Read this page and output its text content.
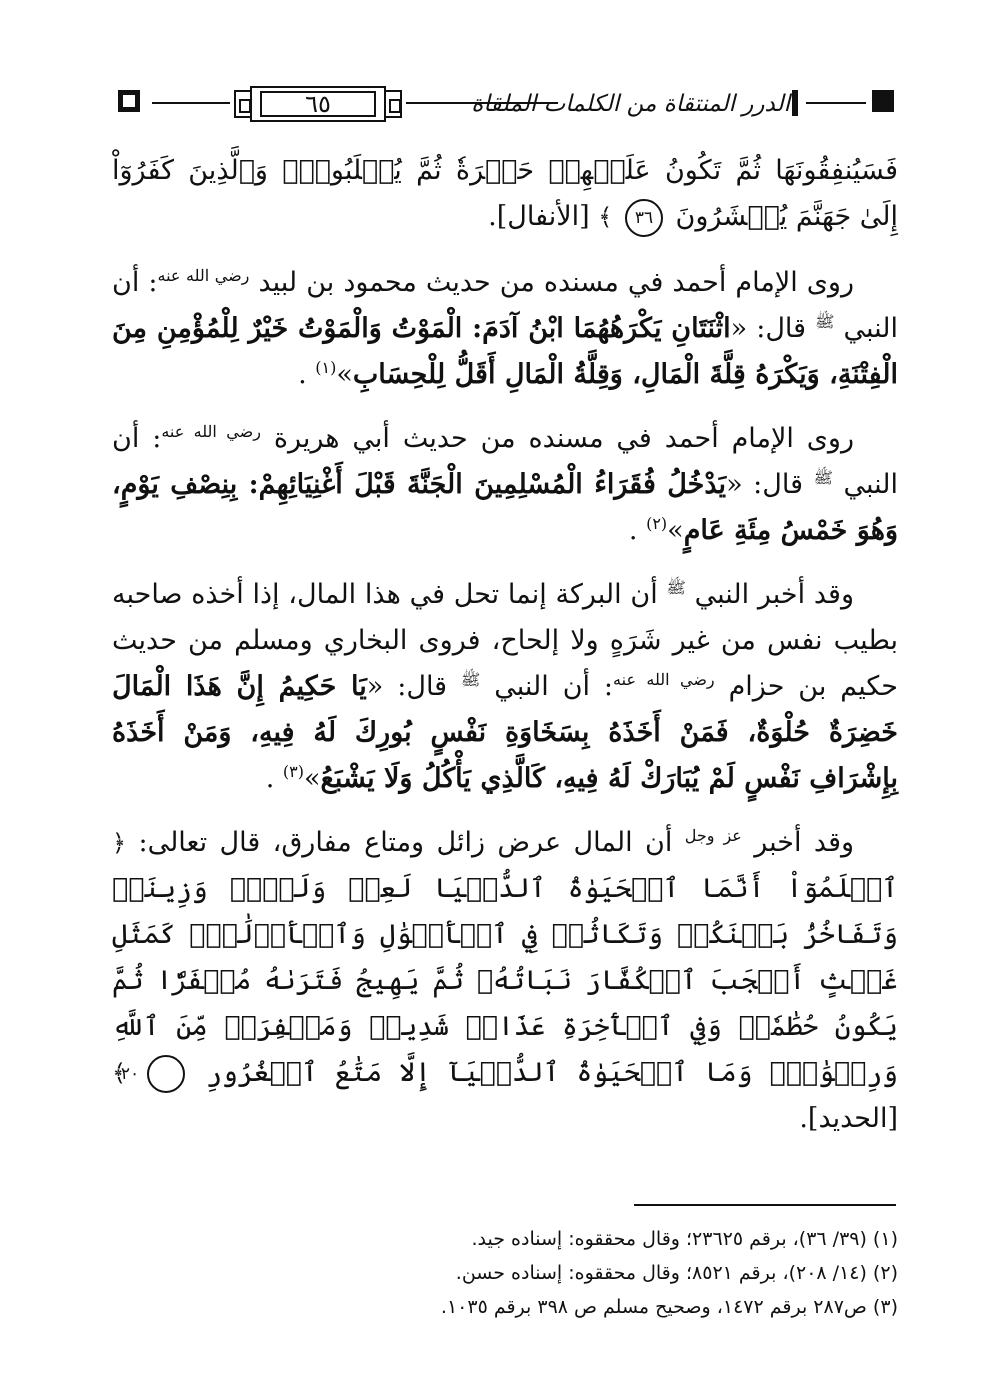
٦٥	الدرر المنتقاة من الكلمات الملقاة

فَسَيُنفِقُونَهَا ثُمَّ تَكُونُ عَلَيۡهِمۡ حَسۡرَةٗ ثُمَّ يُغۡلَبُونَۗ وَٱلَّذِينَ كَفَرُوٓاْ إِلَىٰ جَهَنَّمَ يُحۡشَرُونَ ٣٦ ﴾ [الأنفال].

روى الإمام أحمد في مسنده من حديث محمود بن لبيد $^{رضي الله عنه}$: أن النبي $^ﷺ$ قال: «اثْنَتَانِ يَكْرَهُهُمَا ابْنُ آدَمَ: الْمَوْتُ وَالْمَوْتُ خَيْرٌ لِلْمُؤْمِنِ مِنَ الْفِتْنَةِ، وَيَكْرَهُ قِلَّةَ الْمَالِ، وَقِلَّةُ الْمَالِ أَقَلُّ لِلْحِسَابِ»$^{(١)}$ .

روى الإمام أحمد في مسنده من حديث أبي هريرة $^{رضي الله عنه}$: أن النبي $^ﷺ$ قال: «يَدْخُلُ فُقَرَاءُ الْمُسْلِمِينَ الْجَنَّةَ قَبْلَ أَغْنِيَائِهِمْ: بِنِصْفِ يَوْمٍ، وَهُوَ خَمْسُ مِئَةِ عَامٍ»$^{(٢)}$ .

وقد أخبر النبي $^ﷺ$ أن البركة إنما تحل في هذا المال، إذا أخذه صاحبه بطيب نفس من غير شَرَهٍ ولا إلحاح، فروى البخاري ومسلم من حديث حكيم بن حزام $^{رضي الله عنه}$: أن النبي $^ﷺ$ قال: «يَا حَكِيمُ إِنَّ هَذَا الْمَالَ خَضِرَةٌ حُلْوَةٌ، فَمَنْ أَخَذَهُ بِسَخَاوَةِ نَفْسٍ بُورِكَ لَهُ فِيهِ، وَمَنْ أَخَذَهُ بِإِشْرَافِ نَفْسٍ لَمْ يُبَارَكْ لَهُ فِيهِ، كَالَّذِي يَأْكُلُ وَلَا يَشْبَعُ»$^{(٣)}$ .

وقد أخبر $^{عز وجل}$ أن المال عرض زائل ومتاع مفارق، قال تعالى: ﴿ ٱعۡلَمُوٓاْ أَنَّمَا ٱلۡحَيَوٰةُ ٱلدُّنۡيَا لَعِبٞ وَلَهۡوٞ وَزِينَةٞ وَتَفَاخُرُۢ بَيۡنَكُمۡ وَتَكَاثُرٞ فِي ٱلۡأَمۡوَٰلِ وَٱلۡأَوۡلَٰدِۖ كَمَثَلِ غَيۡثٍ أَعۡجَبَ ٱلۡكُفَّارَ نَبَاتُهُۥ ثُمَّ يَهِيجُ فَتَرَىٰهُ مُصۡفَرّٗا ثُمَّ يَكُونُ حُطَٰمٗاۖ وَفِي ٱلۡأٓخِرَةِ عَذَابٞ شَدِيدٞ وَمَغۡفِرَةٞ مِّنَ ٱللَّهِ وَرِضۡوَٰنٞۚ وَمَا ٱلۡحَيَوٰةُ ٱلدُّنۡيَآ إِلَّا مَتَٰعُ ٱلۡغُرُورِ ٢٠ ﴾ [الحديد].

(١) (٣٩/ ٣٦)، برقم ٢٣٦٢٥؛ وقال محققوه: إسناده جيد.
(٢) (١٤/ ٢٠٨)، برقم ٨٥٢١؛ وقال محققوه: إسناده حسن.
(٣) ص٢٨٧ برقم ١٤٧٢، وصحيح مسلم ص ٣٩٨ برقم ١٠٣٥.
